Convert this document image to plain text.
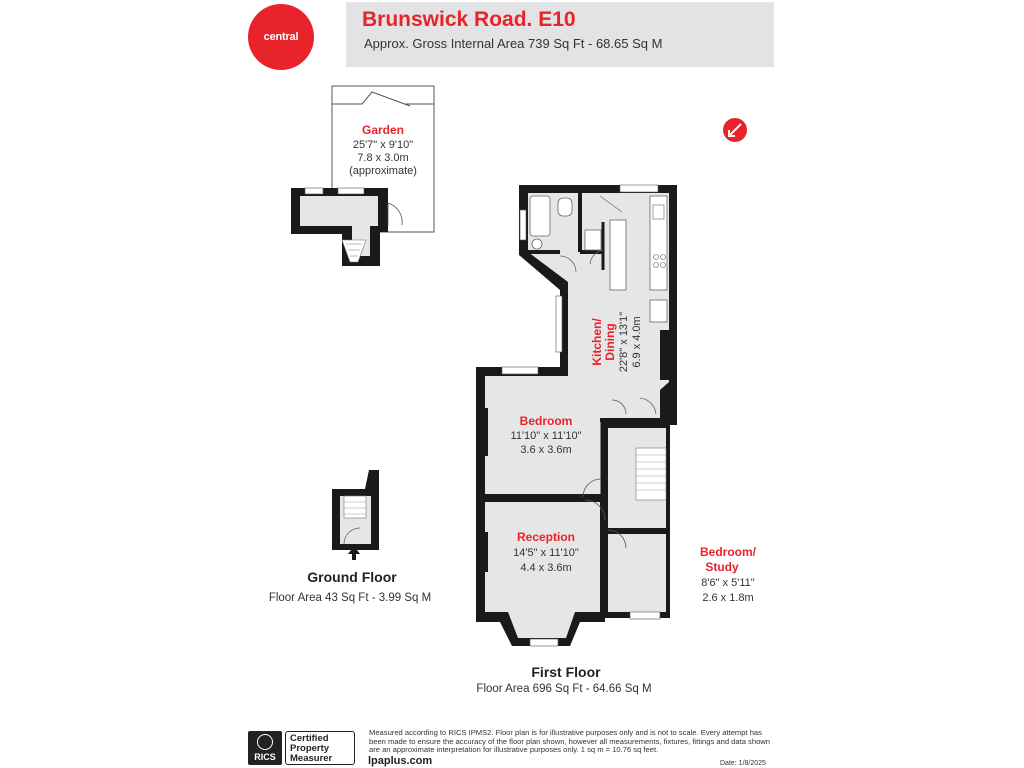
central
Brunswick Road. E10
Approx. Gross Internal Area 739 Sq Ft - 68.65 Sq M
Garden
25'7" x 9'10"
7.8 x 3.0m
(approximate)
Kitchen/ Dining 22'8" x 13'1" 6.9 x 4.0m
Bedroom
11'10" x 11'10"
3.6 x 3.6m
Reception
14'5" x 11'10"
4.4 x 3.6m
Bedroom/
Study
8'6" x 5'11"
2.6 x 1.8m
Ground Floor
Floor Area 43 Sq Ft - 3.99 Sq M
First Floor
Floor Area 696 Sq Ft - 64.66 Sq M
RICS
Certified
Property
Measurer
Measured according to RICS IPMS2. Floor plan is for illustrative purposes only and is not to scale. Every attempt has been made to ensure the accuracy of the floor plan shown, however all measurements, fixtures, fittings and data shown are an approximate interpretation for illustrative purposes only. 1 sq m = 10.76 sq feet.
lpaplus.com	Date: 1/8/2025
